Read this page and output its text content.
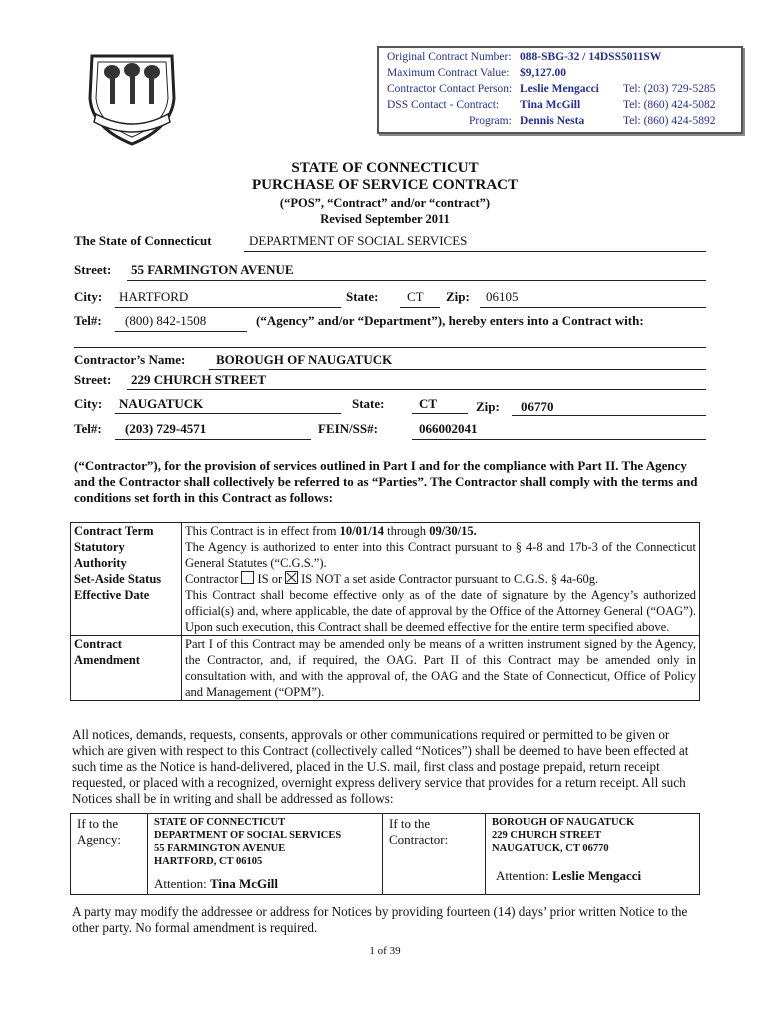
Original Contract Number: 088-SBG-32 / 14DSS5011SW
Maximum Contract Value: $9,127.00
Contractor Contact Person: Leslie Mengacci Tel: (203) 729-5285
DSS Contact - Contract: Tina McGill	Tel: (860) 424-5082
Program: Dennis Nesta	Tel: (860) 424-5892
STATE OF CONNECTICUT
PURCHASE OF SERVICE CONTRACT
(“POS”, “Contract” and/or “contract”)
Revised September 2011
The State of Connecticut	DEPARTMENT OF SOCIAL SERVICES
Street: 55 FARMINGTON AVENUE
City: HARTFORD	State: CT Zip: 06105
Tel#: (800) 842-1508	(“Agency” and/or “Department”), hereby enters into a Contract with:
Contractor’s Name: BOROUGH OF NAUGATUCK
Street: 229 CHURCH STREET
City: NAUGATUCK	State:	CT	Zip: 06770
Tel#: (203) 729-4571	FEIN/SS#:	066002041
(“Contractor”), for the provision of services outlined in Part I and for the compliance with Part II. The Agency and the Contractor shall collectively be referred to as “Parties”. The Contractor shall comply with the terms and conditions set forth in this Contract as follows:
Contract Term	This Contract is in effect from 10/01/14 through 09/30/15.
Statutory
Authority	The Agency is authorized to enter into this Contract pursuant to § 4-8 and 17b-3 of the Connecticut General Statutes (“C.G.S.”).
Set-Aside Status	Contractor IS or IS NOT a set aside Contractor pursuant to C.G.S. § 4a-60g.
Effective Date	This Contract shall become effective only as of the date of signature by the Agency’s authorized official(s) and, where applicable, the date of approval by the Office of the Attorney General (“OAG”). Upon such execution, this Contract shall be deemed effective for the entire term specified above.
Contract
Amendment	Part I of this Contract may be amended only be means of a written instrument signed by the Agency, the Contractor, and, if required, the OAG. Part II of this Contract may be amended only in consultation with, and with the approval of, the OAG and the State of Connecticut, Office of Policy and Management (“OPM”).
All notices, demands, requests, consents, approvals or other communications required or permitted to be given or which are given with respect to this Contract (collectively called “Notices”) shall be deemed to have been effected at such time as the Notice is hand-delivered, placed in the U.S. mail, first class and postage prepaid, return receipt requested, or placed with a recognized, overnight express delivery service that provides for a return receipt. All such Notices shall be in writing and shall be addressed as follows:
If to the
Agency:

STATE OF CONNECTICUT
DEPARTMENT OF SOCIAL SERVICES
55 FARMINGTON AVENUE
HARTFORD, CT 06105
Attention: Tina McGill

If to the
Contractor:

BOROUGH OF NAUGATUCK
229 CHURCH STREET
NAUGATUCK, CT 06770
Attention: Leslie Mengacci
A party may modify the addressee or address for Notices by providing fourteen (14) days’ prior written Notice to the other party. No formal amendment is required.
1 of 39
